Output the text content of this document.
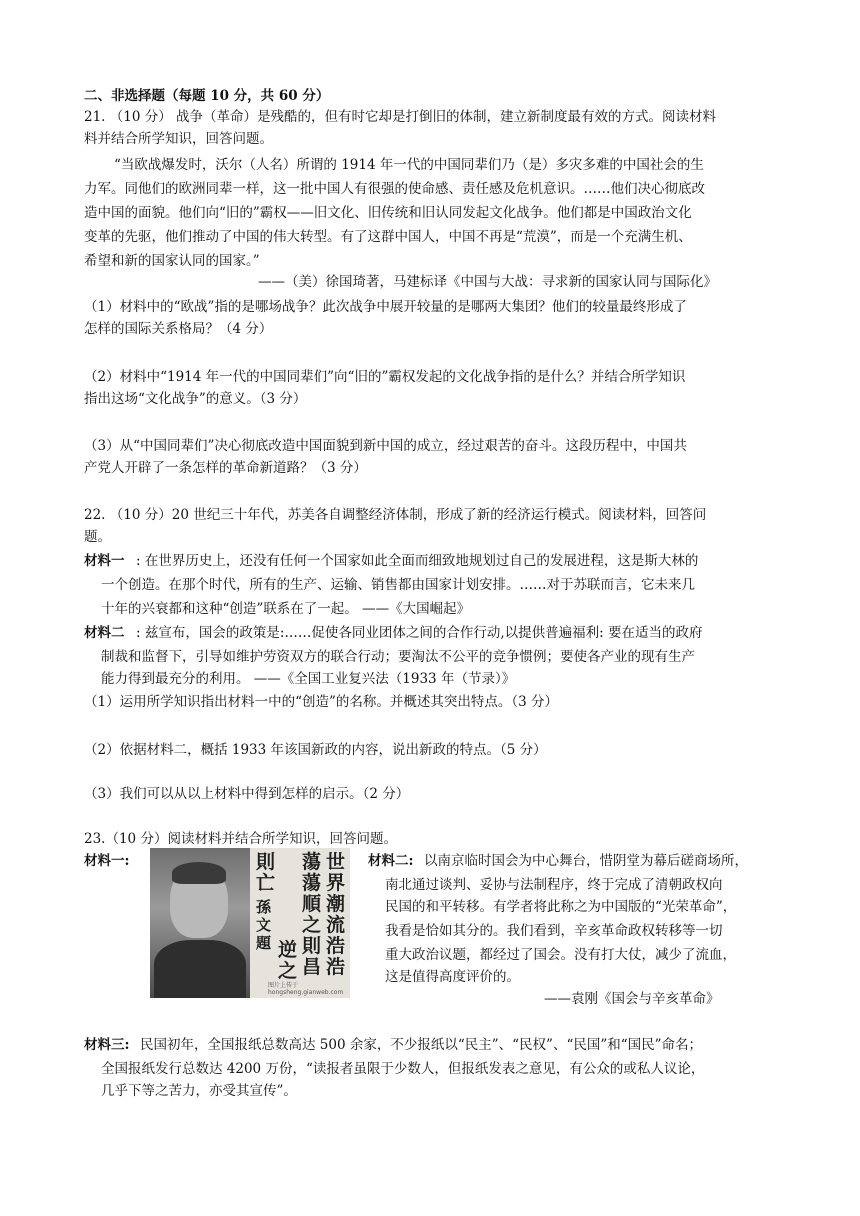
二、非选择题（每题 10 分，共 60 分）
21. （10 分） 战争（革命）是残酷的，但有时它却是打倒旧的体制，建立新制度最有效的方式。阅读材料
料并结合所学知识，回答问题。
“当欧战爆发时，沃尔（人名）所谓的 1914 年一代的中国同辈们乃（是）多灾多难的中国社会的生
力军。同他们的欧洲同辈一样，这一批中国人有很强的使命感、责任感及危机意识。……他们决心彻底改
造中国的面貌。他们向“旧的”霸权——旧文化、旧传统和旧认同发起文化战争。他们都是中国政治文化
变革的先驱，他们推动了中国的伟大转型。有了这群中国人，中国不再是“荒漠”，而是一个充满生机、
希望和新的国家认同的国家。”
——（美）徐国琦著，马建标译《中国与大战：寻求新的国家认同与国际化》
（1）材料中的“欧战”指的是哪场战争？此次战争中展开较量的是哪两大集团？他们的较量最终形成了
怎样的国际关系格局？（4 分）
（2）材料中“1914 年一代的中国同辈们”向“旧的”霸权发起的文化战争指的是什么？并结合所学知识
指出这场“文化战争”的意义。（3 分）
（3）从“中国同辈们”决心彻底改造中国面貌到新中国的成立，经过艰苦的奋斗。这段历程中，中国共
产党人开辟了一条怎样的革命新道路？（3 分）
22. （10 分）20 世纪三十年代，苏美各自调整经济体制，形成了新的经济运行模式。阅读材料，回答问
题。
材料一 : 在世界历史上，还没有任何一个国家如此全面而细致地规划过自己的发展进程，这是斯大林的
一个创造。在那个时代，所有的生产、运输、销售都由国家计划安排。……对于苏联而言，它未来几
十年的兴衰都和这种“创造”联系在了一起。 ——《大国崛起》
材料二 : 兹宣布，国会的政策是:……促使各同业团体之间的合作行动,以提供普遍福利: 要在适当的政府
制裁和监督下，引导如维护劳资双方的联合行动；要淘汰不公平的竞争惯例；要使各产业的现有生产
能力得到最充分的利用。 ——《全国工业复兴法（1933 年（节录）》
（1）运用所学知识指出材料一中的“创造”的名称。并概述其突出特点。（3 分）
（2）依据材料二，概括 1933 年该国新政的内容，说出新政的特点。（5 分）
（3）我们可以从以上材料中得到怎样的启示。（2 分）
23.（10 分）阅读材料并结合所学知识，回答问题。
材料一:	世界潮流浩浩
蕩蕩順之則昌
逆之
則亡
孫文題
图片上传于 hongsheng.gianweb.com
材料二: 以南京临时国会为中心舞台，惜阴堂为幕后磋商场所，
南北通过谈判、妥协与法制程序，终于完成了清朝政权向
民国的和平转移。有学者将此称之为中国版的“光荣革命”，
我看是恰如其分的。我们看到，辛亥革命政权转移等一切
重大政治议题，都经过了国会。没有打大仗，减少了流血，
这是值得高度评价的。
——袁刚《国会与辛亥革命》
材料三: 民国初年，全国报纸总数高达 500 余家，不少报纸以“民主”、“民权”、“民国”和“国民”命名；
全国报纸发行总数达 4200 万份，“读报者虽限于少数人，但报纸发表之意见，有公众的或私人议论，
几乎下等之苦力，亦受其宣传”。
